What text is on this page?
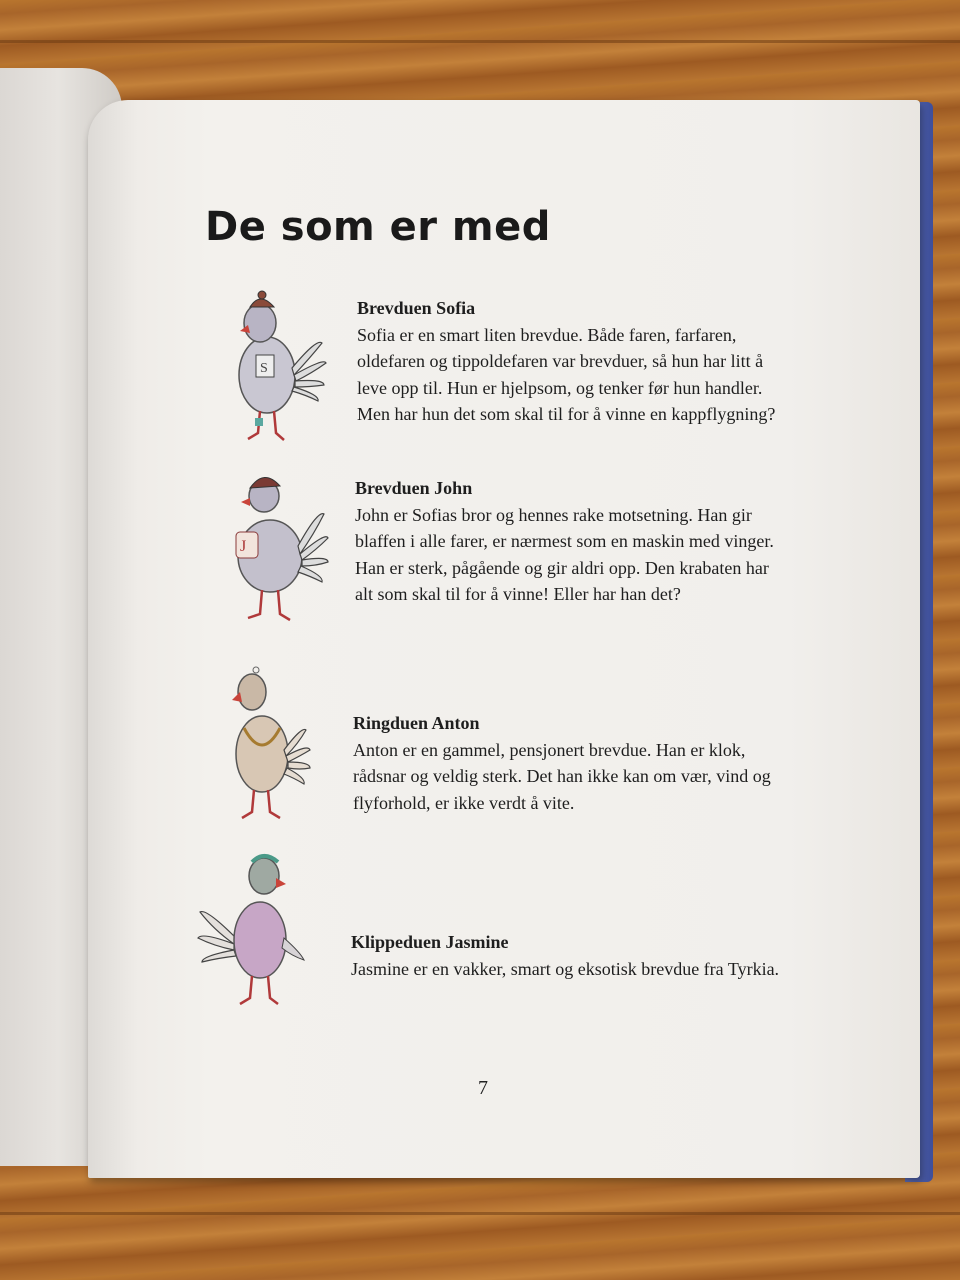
De som er med
S
J
Brevduen Sofia

Sofia er en smart liten brevdue. Både faren, farfaren, oldefaren og tippoldefaren var brevduer, så hun har litt å leve opp til. Hun er hjelpsom, og tenker før hun handler. Men har hun det som skal til for å vinne en kappflygning?

Brevduen John

John er Sofias bror og hennes rake motsetning. Han gir blaffen i alle farer, er nærmest som en maskin med vinger. Han er sterk, pågående og gir aldri opp. Den krabaten har alt som skal til for å vinne! Eller har han det?

Ringduen Anton

Anton er en gammel, pensjonert brevdue. Han er klok, rådsnar og veldig sterk. Det han ikke kan om vær, vind og flyforhold, er ikke verdt å vite.

Klippeduen Jasmine

Jasmine er en vakker, smart og eksotisk brevdue fra Tyrkia.

7
